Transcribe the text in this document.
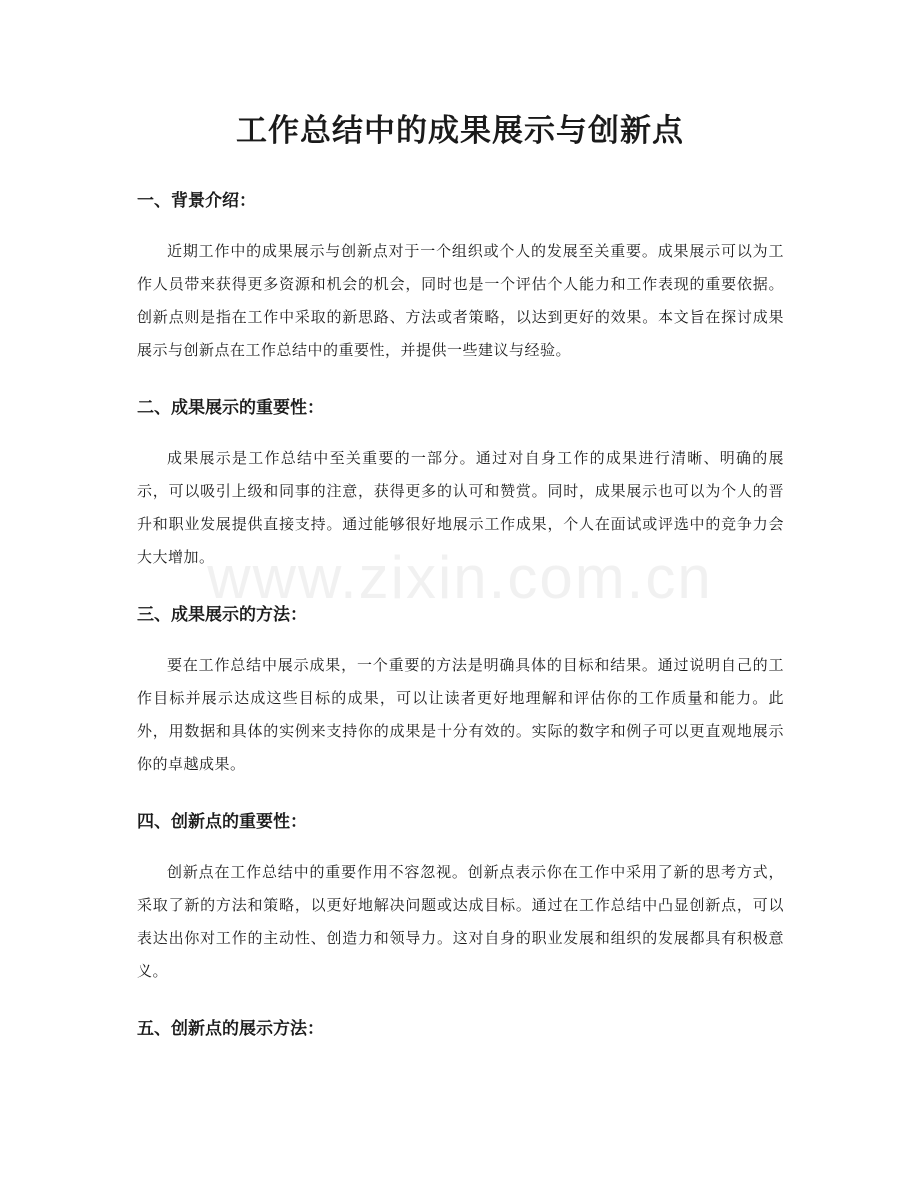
工作总结中的成果展示与创新点
www.zixin.com.cn
一、背景介绍：

近期工作中的成果展示与创新点对于一个组织或个人的发展至关重要。成果展示可以为工作人员带来获得更多资源和机会的机会，同时也是一个评估个人能力和工作表现的重要依据。创新点则是指在工作中采取的新思路、方法或者策略，以达到更好的效果。本文旨在探讨成果展示与创新点在工作总结中的重要性，并提供一些建议与经验。

二、成果展示的重要性：

成果展示是工作总结中至关重要的一部分。通过对自身工作的成果进行清晰、明确的展示，可以吸引上级和同事的注意，获得更多的认可和赞赏。同时，成果展示也可以为个人的晋升和职业发展提供直接支持。通过能够很好地展示工作成果，个人在面试或评选中的竞争力会大大增加。

三、成果展示的方法：

要在工作总结中展示成果，一个重要的方法是明确具体的目标和结果。通过说明自己的工作目标并展示达成这些目标的成果，可以让读者更好地理解和评估你的工作质量和能力。此外，用数据和具体的实例来支持你的成果是十分有效的。实际的数字和例子可以更直观地展示你的卓越成果。

四、创新点的重要性：

创新点在工作总结中的重要作用不容忽视。创新点表示你在工作中采用了新的思考方式，采取了新的方法和策略，以更好地解决问题或达成目标。通过在工作总结中凸显创新点，可以表达出你对工作的主动性、创造力和领导力。这对自身的职业发展和组织的发展都具有积极意义。

五、创新点的展示方法：
